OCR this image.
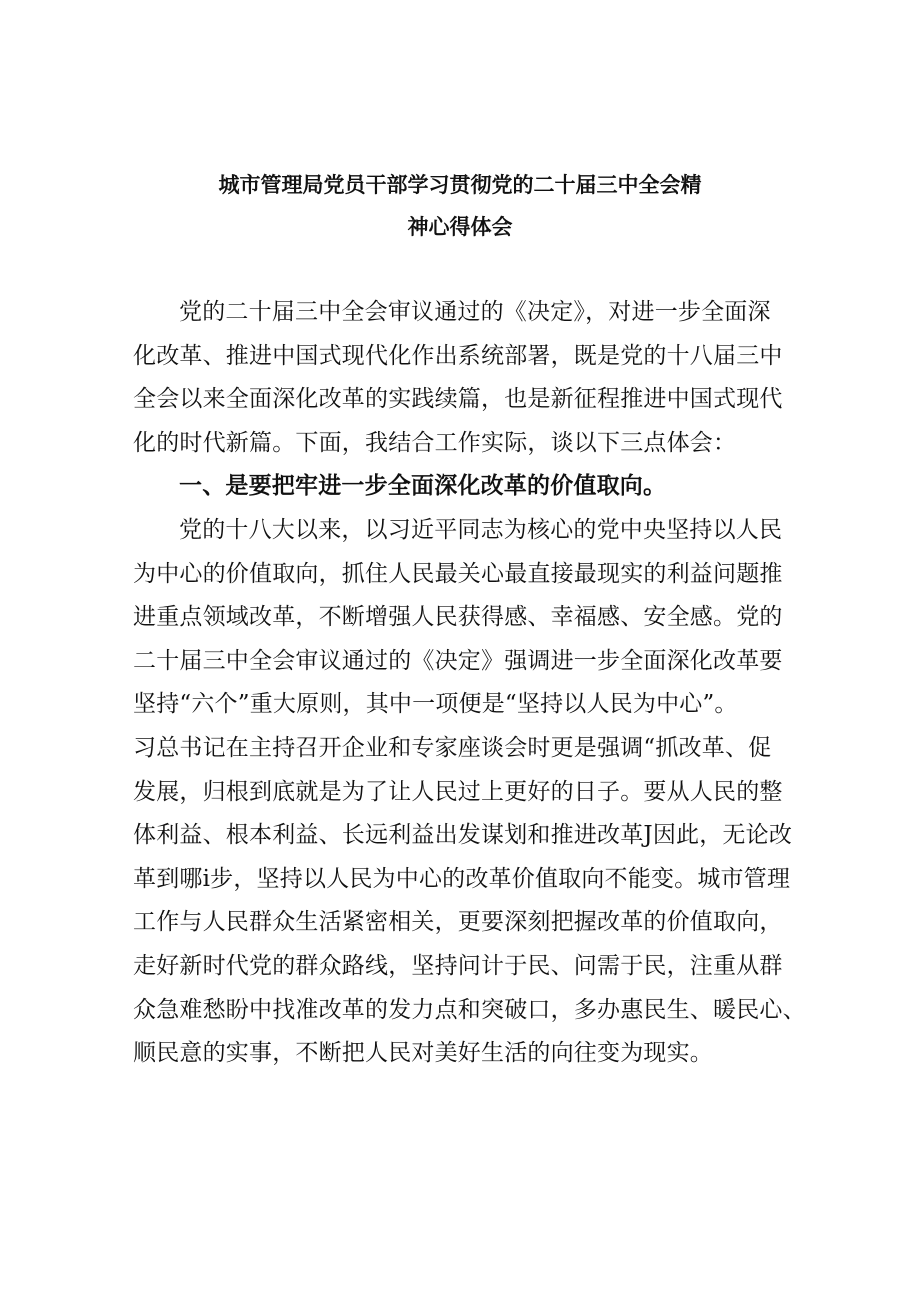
城市管理局党员干部学习贯彻党的二十届三中全会精
神心得体会
党的二十届三中全会审议通过的《决定》，对进一步全面深
化改革、推进中国式现代化作出系统部署，既是党的十八届三中
全会以来全面深化改革的实践续篇，也是新征程推进中国式现代
化的时代新篇。下面，我结合工作实际，谈以下三点体会：
一、是要把牢进一步全面深化改革的价值取向。
党的十八大以来，以习近平同志为核心的党中央坚持以人民
为中心的价值取向，抓住人民最关心最直接最现实的利益问题推
进重点领域改革，不断增强人民获得感、幸福感、安全感。党的
二十届三中全会审议通过的《决定》强调进一步全面深化改革要
坚持“六个”重大原则，其中一项便是“坚持以人民为中心”。
习总书记在主持召开企业和专家座谈会时更是强调“抓改革、促
发展，归根到底就是为了让人民过上更好的日子。要从人民的整
体利益、根本利益、长远利益出发谋划和推进改革J因此，无论改
革到哪i步，坚持以人民为中心的改革价值取向不能变。城市管理
工作与人民群众生活紧密相关，更要深刻把握改革的价值取向，
走好新时代党的群众路线，坚持问计于民、问需于民，注重从群
众急难愁盼中找准改革的发力点和突破口，多办惠民生、暖民心、
顺民意的实事，不断把人民对美好生活的向往变为现实。
